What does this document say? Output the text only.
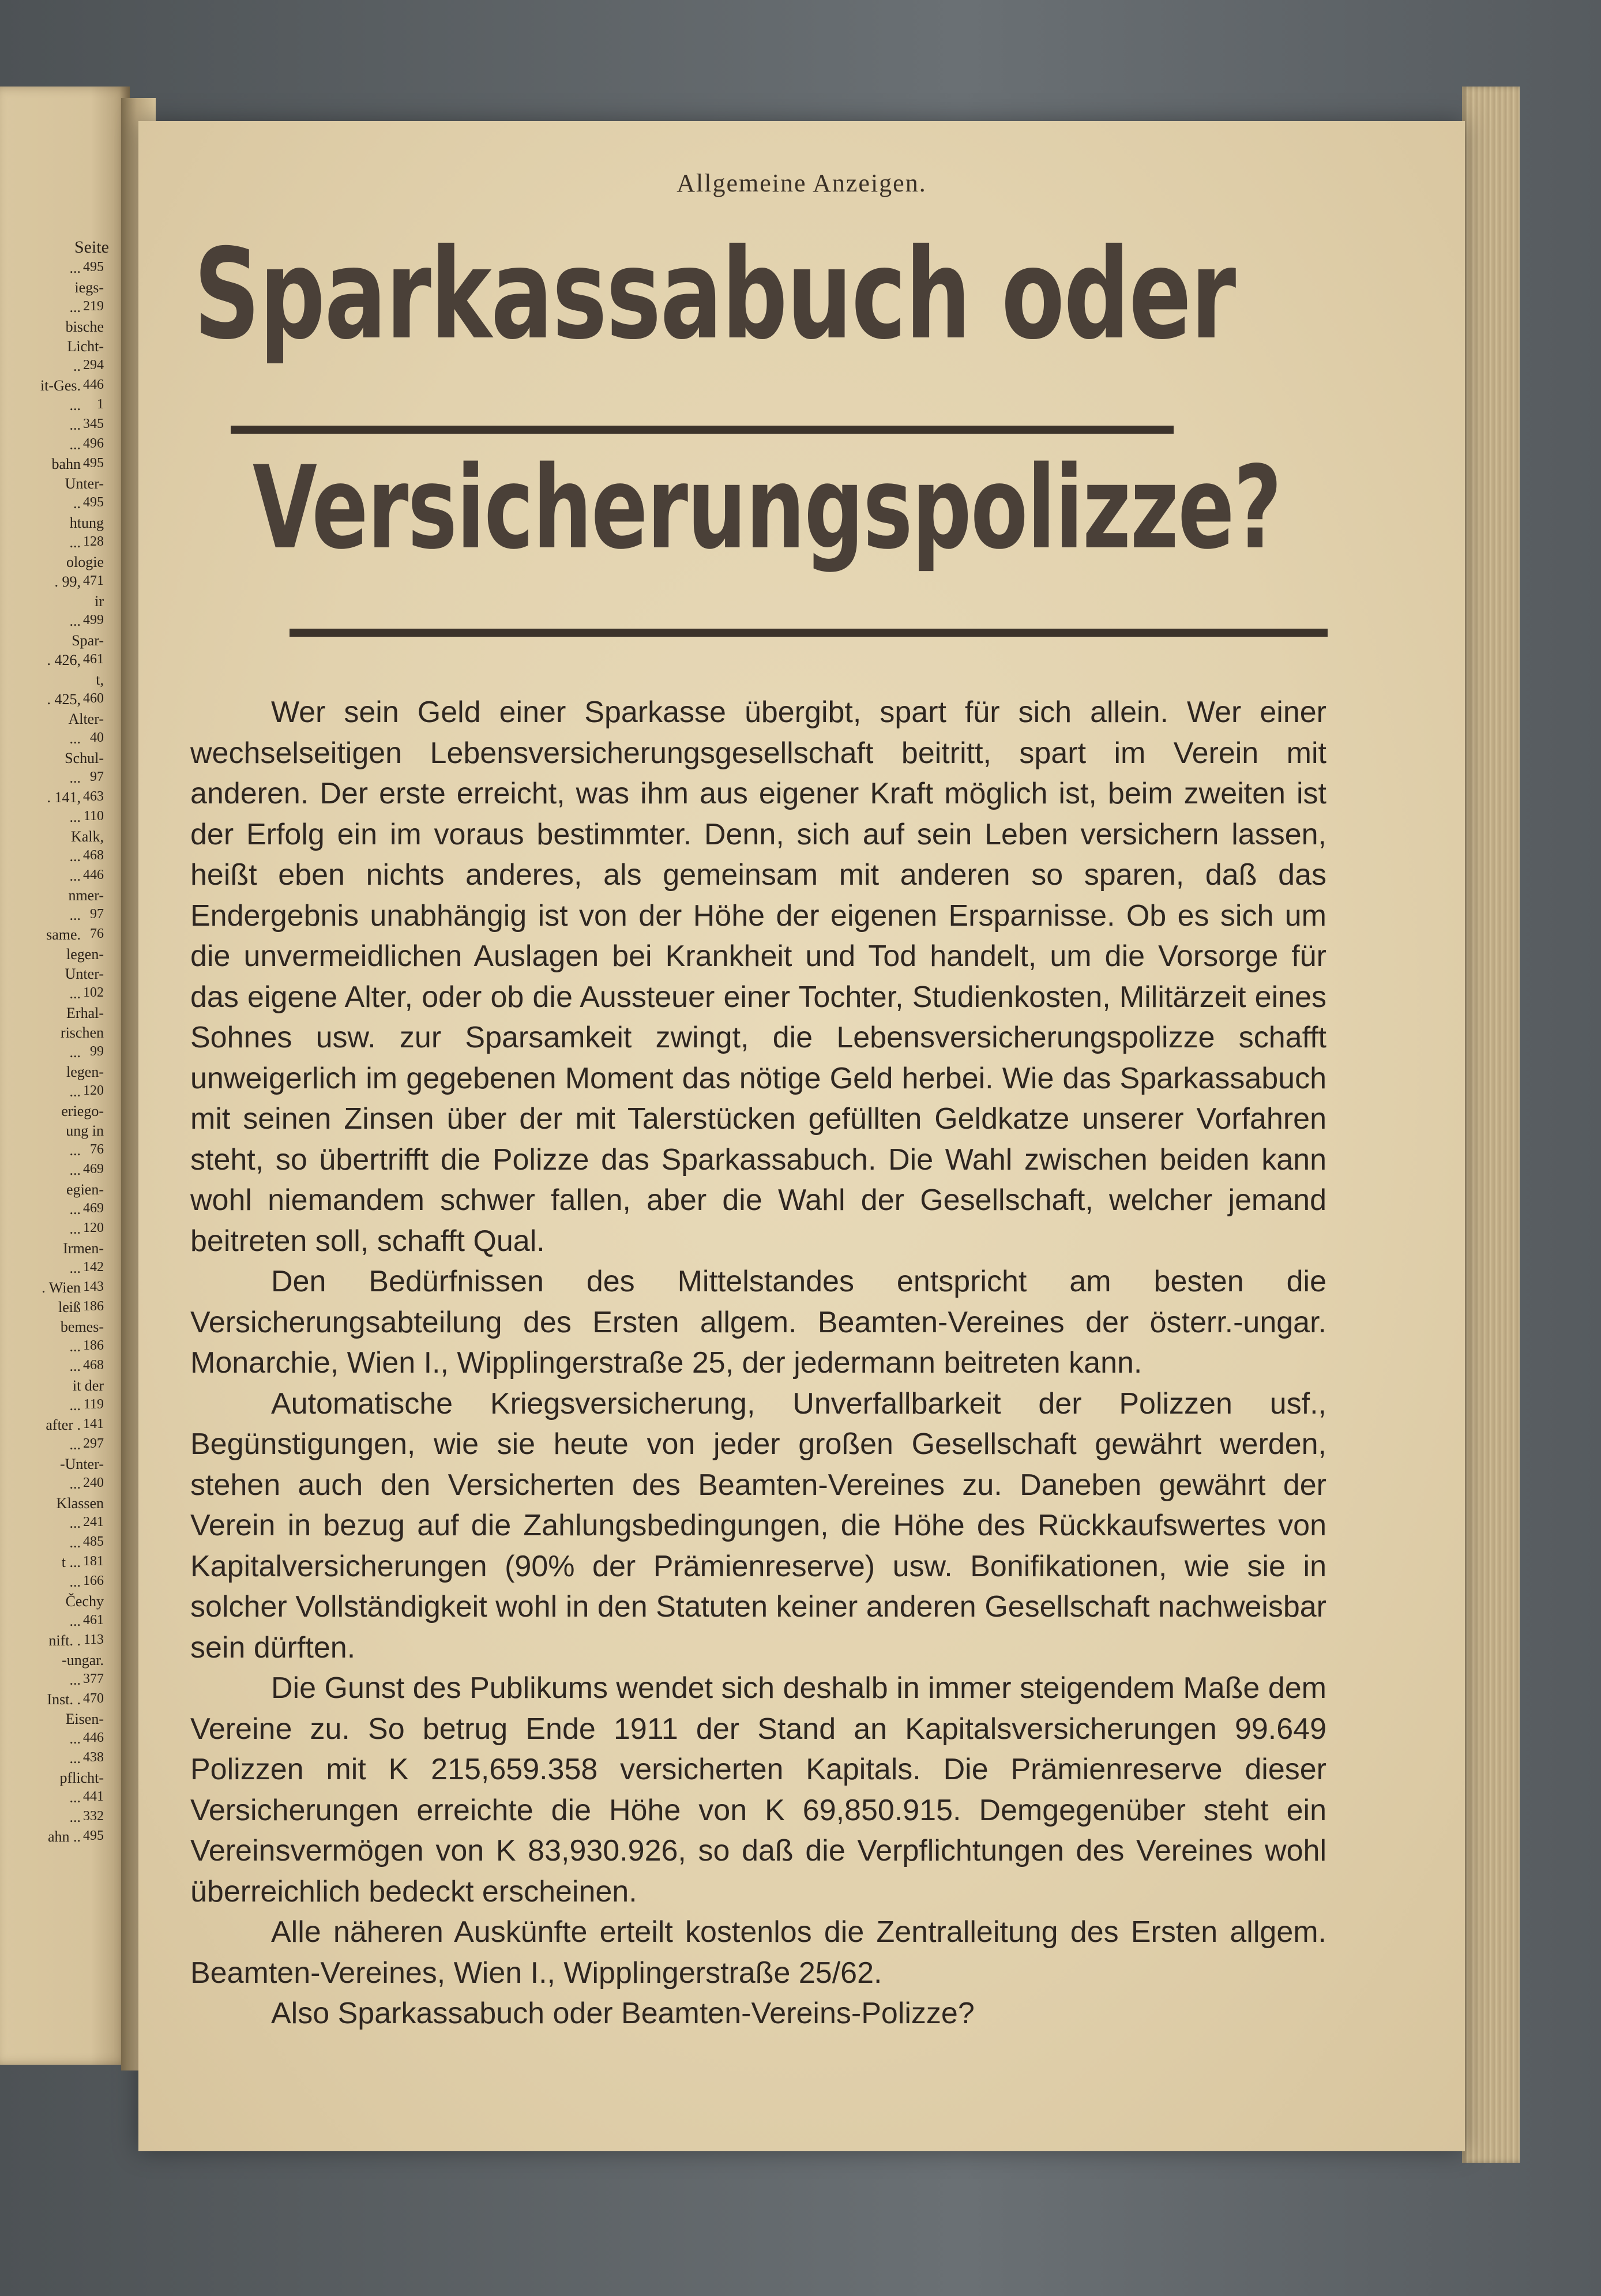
Seite
... 495
iegs-
... 219
bische
Licht-
.. 294
it-Ges. 446
... 1
... 345
... 496
bahn 495
Unter-
.. 495
htung
... 128
ologie
. 99, 471
ir
... 499
Spar-
. 426, 461
t,
. 425, 460
Alter-
... 40
Schul-
... 97
. 141, 463
... 110
Kalk,
... 468
... 446
nmer-
... 97
same. 76
legen-
Unter-
... 102
Erhal-
rischen
... 99
legen-
... 120
eriego-
ung in
... 76
... 469
egien-
... 469
... 120
Irmen-
... 142
. Wien 143
leiß 186
bemes-
... 186
... 468
it der
... 119
after . 141
... 297
-Unter-
... 240
Klassen
... 241
... 485
t ... 181
... 166
Čechy
... 461
nift. . 113
-ungar.
... 377
Inst. . 470
Eisen-
... 446
... 438
pflicht-
... 441
... 332
ahn .. 495
Allgemeine Anzeigen.
Sparkassabuch oder
Versicherungspolizze?

Wer sein Geld einer Sparkasse übergibt, spart für sich allein. Wer einer wechselseitigen Lebensversicherungsgesellschaft beitritt, spart im Verein mit anderen. Der erste erreicht, was ihm aus eigener Kraft möglich ist, beim zweiten ist der Erfolg ein im voraus bestimmter. Denn, sich auf sein Leben versichern lassen, heißt eben nichts anderes, als gemeinsam mit anderen so sparen, daß das Endergebnis unabhängig ist von der Höhe der eigenen Ersparnisse. Ob es sich um die unvermeidlichen Auslagen bei Krankheit und Tod handelt, um die Vorsorge für das eigene Alter, oder ob die Aussteuer einer Tochter, Studienkosten, Militärzeit eines Sohnes usw. zur Sparsamkeit zwingt, die Lebensversicherungspolizze schafft unweigerlich im gegebenen Moment das nötige Geld herbei. Wie das Sparkassabuch mit seinen Zinsen über der mit Talerstücken gefüllten Geldkatze unserer Vorfahren steht, so übertrifft die Polizze das Sparkassabuch. Die Wahl zwischen beiden kann wohl niemandem schwer fallen, aber die Wahl der Gesellschaft, welcher jemand beitreten soll, schafft Qual.

Den Bedürfnissen des Mittelstandes entspricht am besten die Versicherungsabteilung des Ersten allgem. Beamten-Vereines der österr.-ungar. Monarchie, Wien I., Wipplingerstraße 25, der jedermann beitreten kann.

Automatische Kriegsversicherung, Unverfallbarkeit der Polizzen usf., Begünstigungen, wie sie heute von jeder großen Gesellschaft gewährt werden, stehen auch den Versicherten des Beamten-Vereines zu. Daneben gewährt der Verein in bezug auf die Zahlungsbedingungen, die Höhe des Rückkaufswertes von Kapitalversicherungen (90% der Prämienreserve) usw. Bonifikationen, wie sie in solcher Vollständigkeit wohl in den Statuten keiner anderen Gesellschaft nachweisbar sein dürften.

Die Gunst des Publikums wendet sich deshalb in immer steigendem Maße dem Vereine zu. So betrug Ende 1911 der Stand an Kapitalsversicherungen 99.649 Polizzen mit K 215,659.358 versicherten Kapitals. Die Prämienreserve dieser Versicherungen erreichte die Höhe von K 69,850.915. Demgegenüber steht ein Vereinsvermögen von K 83,930.926, so daß die Verpflichtungen des Vereines wohl überreichlich bedeckt erscheinen.

Alle näheren Auskünfte erteilt kostenlos die Zentralleitung des Ersten allgem. Beamten-Vereines, Wien I., Wipplingerstraße 25/62.

Also Sparkassabuch oder Beamten-Vereins-Polizze?
